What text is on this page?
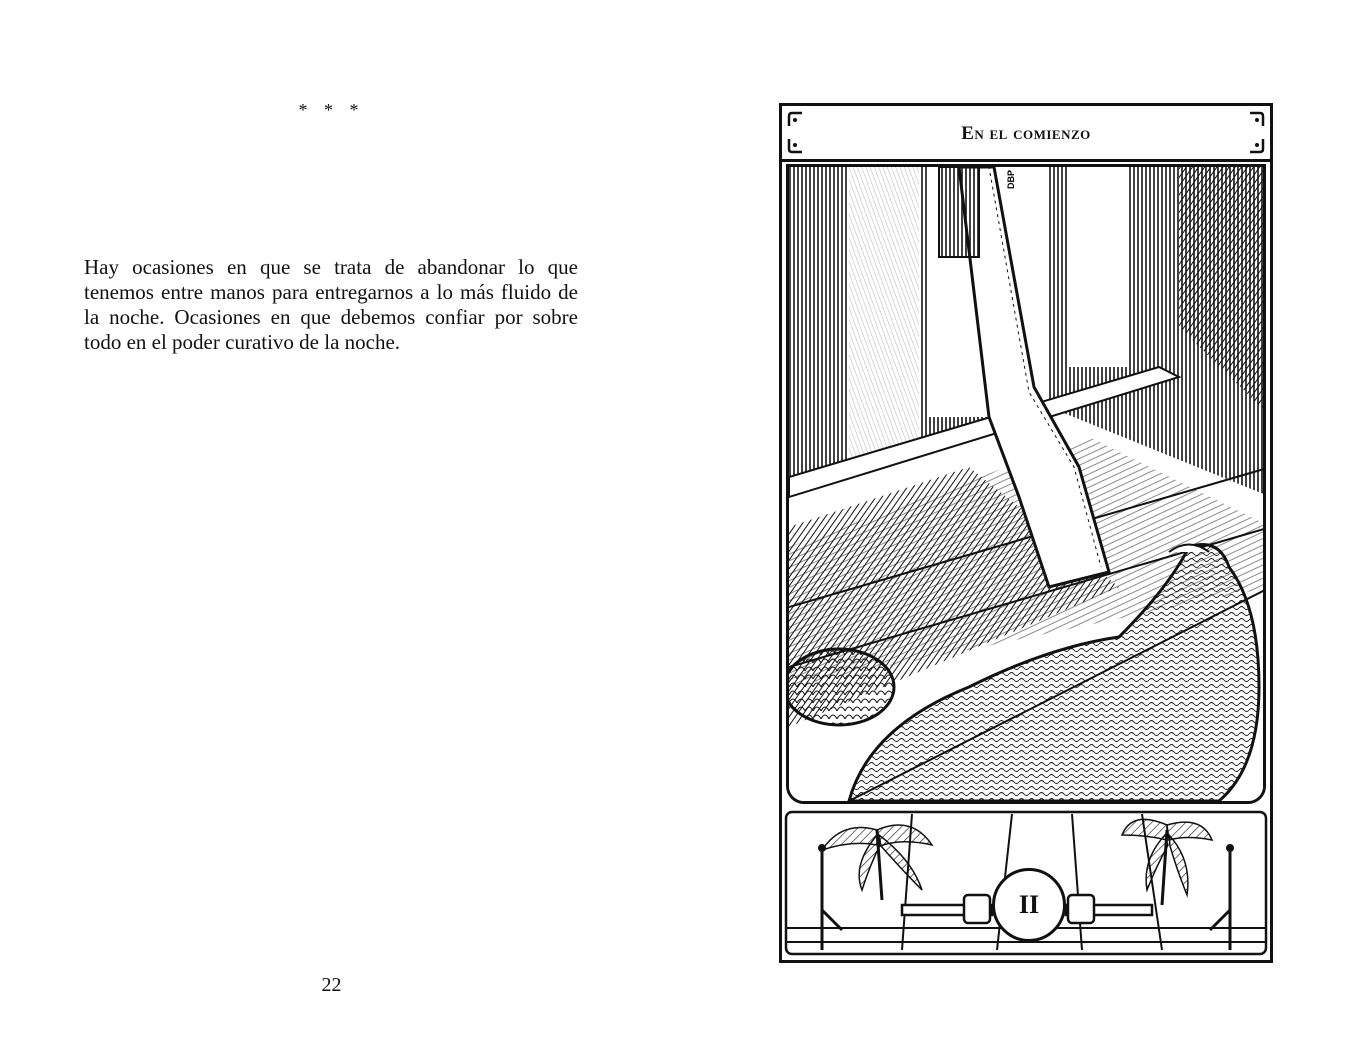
* * *

Hay ocasiones en que se trata de abandonar lo que tenemos entre manos para entregarnos a lo más fluido de la noche. Ocasiones en que debemos confiar por sobre todo en el poder curativo de la noche.

22
En el comienzo
DBP
II
